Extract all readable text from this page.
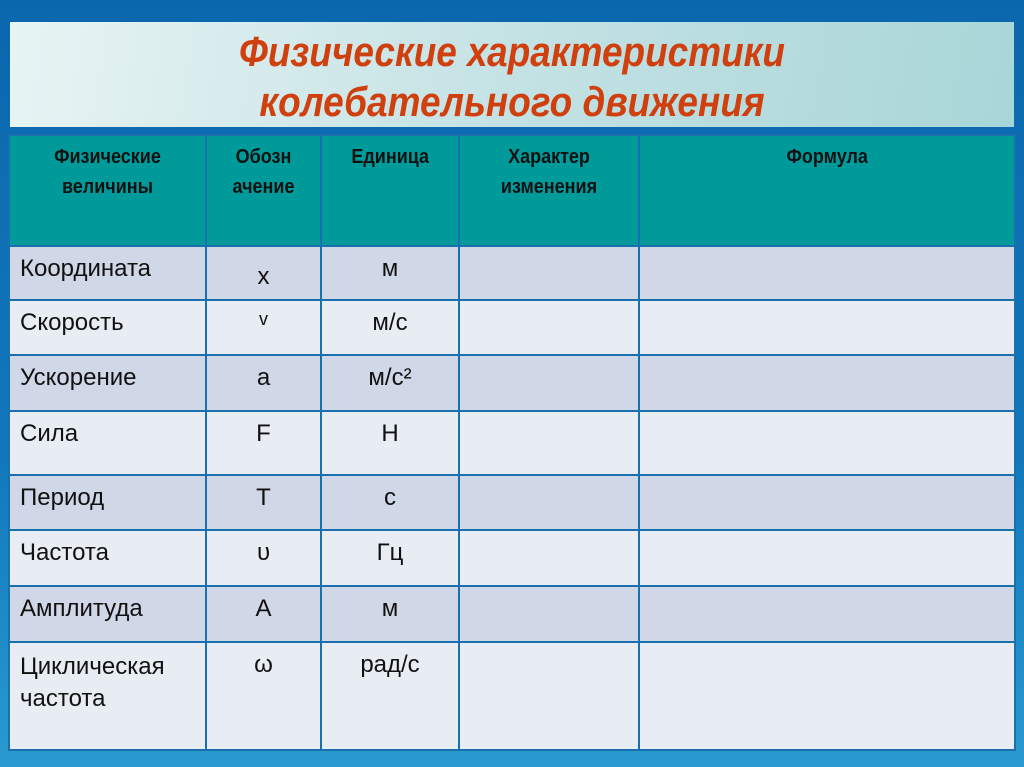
Физические характеристики
колебательного движения
Физические величины	Обозн ачение	Единица	Характер изменения	Формула
Координата	x	м		
Скорость	v	м/с		
Ускорение	a	м/с²		
Сила	F	Н		
Период	T	с		
Частота	υ	Гц		
Амплитуда	A	м		
Циклическая частота	ω	рад/с		
